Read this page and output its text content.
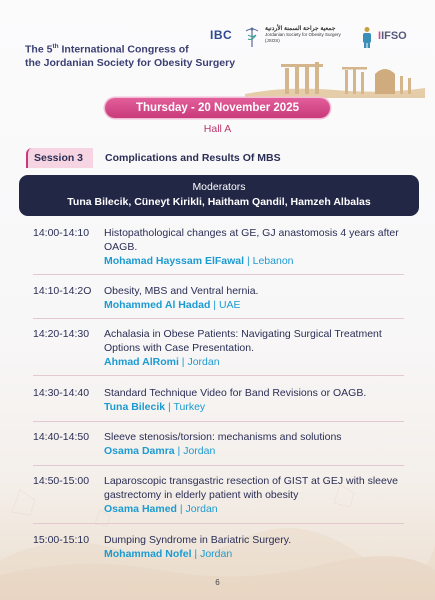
The 5th International Congress of
the Jordanian Society for Obesity Surgery
IBC	جمعية جراحة السمنة الأردنية
Jordanian Society for Obesity Surgery (JSOS)	IIFSO
Thursday - 20 November 2025
Hall A
Session 3	Complications and Results Of MBS
Moderators
Tuna Bilecik, Cüneyt Kirikli, Haitham Qandil, Hamzeh Albalas
14:00-14:10 Histopathological changes at GE, GJ anastomosis 4 years after OAGB.
Mohamad Hayssam ElFawal | Lebanon
14:10-14:2O Obesity, MBS and Ventral hernia.
Mohammed Al Hadad | UAE
14:20-14:30 Achalasia in Obese Patients: Navigating Surgical Treatment Options with Case Presentation.
Ahmad AlRomi | Jordan
14:30-14:40 Standard Technique Video for Band Revisions or OAGB.
Tuna Bilecik | Turkey
14:40-14:50 Sleeve stenosis/torsion: mechanisms and solutions
Osama Damra | Jordan
14:50-15:00 Laparoscopic transgastric resection of GIST at GEJ with sleeve gastrectomy in elderly patient with obesity
Osama Hamed | Jordan
15:00-15:10 Dumping Syndrome in Bariatric Surgery.
Mohammad Nofel | Jordan
6
